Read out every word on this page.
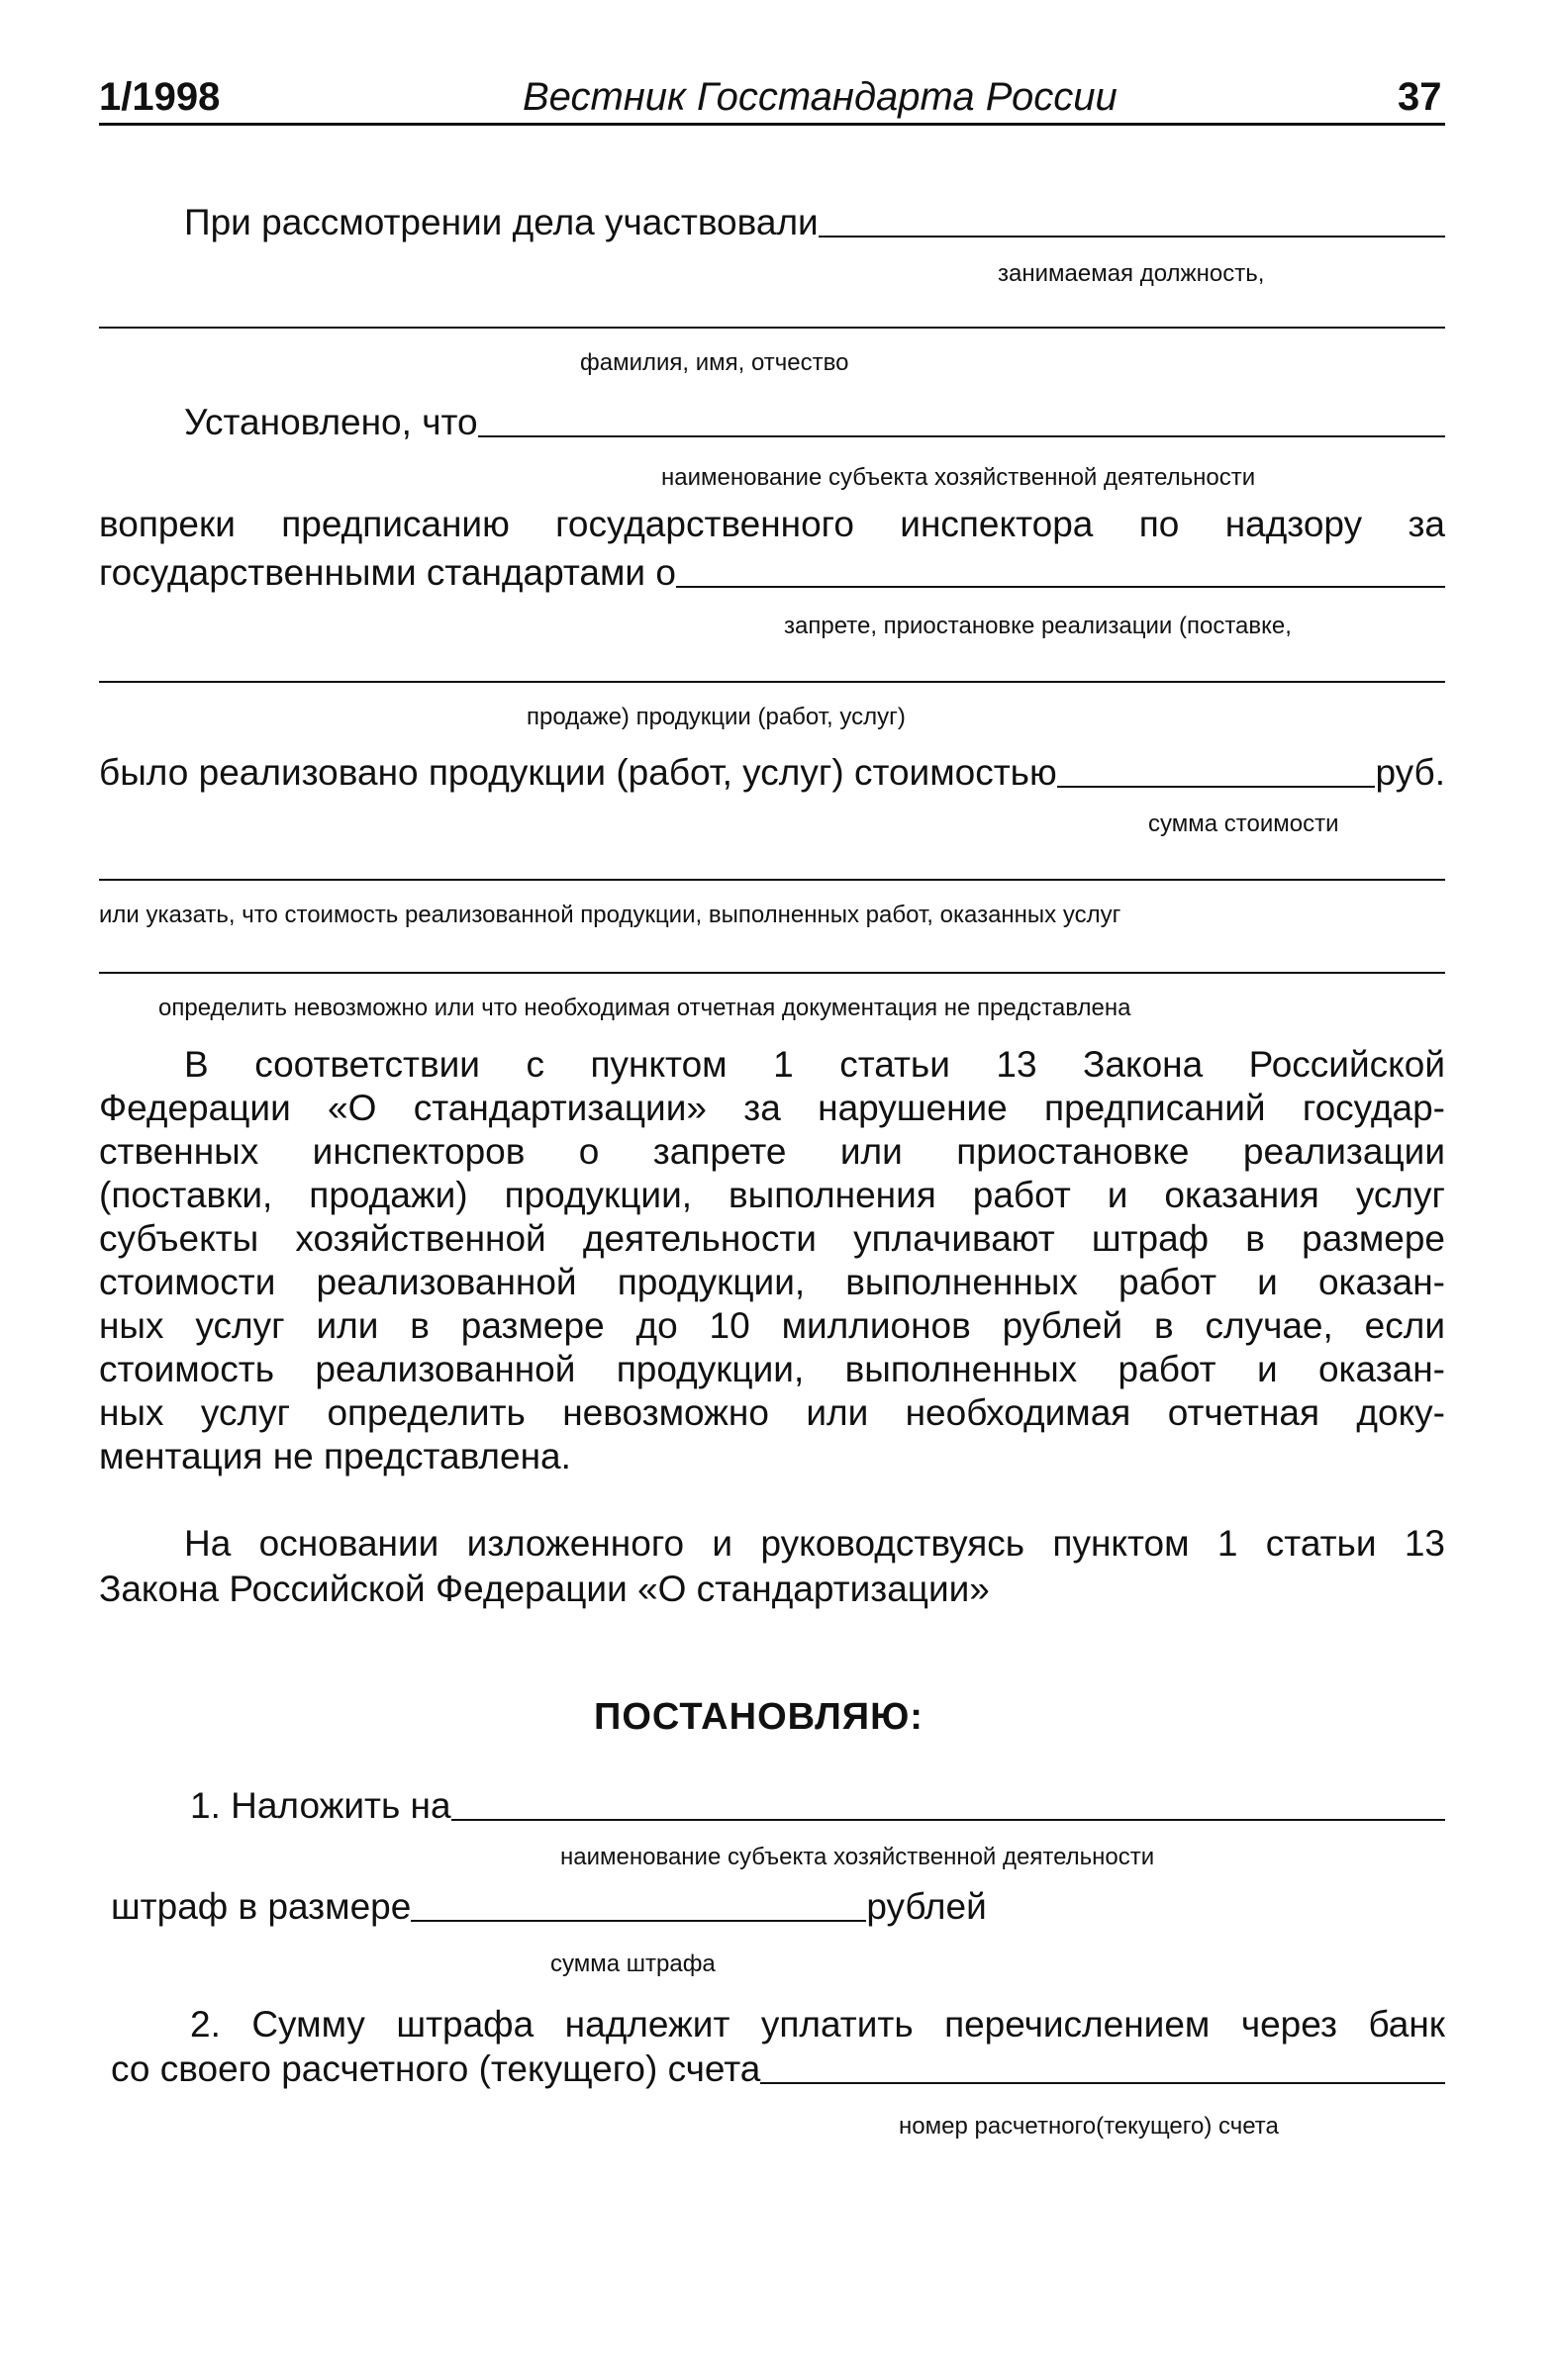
1/1998	Вестник Госстандарта России	37
При рассмотрении дела участвовали
занимаемая должность,
фамилия, имя, отчество
Установлено, что
наименование субъекта хозяйственной деятельности
вопреки предписанию государственного инспектора по надзору за
государственными стандартами о
запрете, приостановке реализации (поставке,
продаже) продукции (работ, услуг)
было реализовано продукции (работ, услуг) стоимостью	руб.
сумма стоимости
или указать, что стоимость реализованной продукции, выполненных работ, оказанных услуг
определить невозможно или что необходимая отчетная документация не представлена
В соответствии с пунктом 1 статьи 13 Закона Российской
Федерации «О стандартизации» за нарушение предписаний государ-
ственных инспекторов о запрете или приостановке реализации
(поставки, продажи) продукции, выполнения работ и оказания услуг
субъекты хозяйственной деятельности уплачивают штраф в размере
стоимости реализованной продукции, выполненных работ и оказан-
ных услуг или в размере до 10 миллионов рублей в случае, если
стоимость реализованной продукции, выполненных работ и оказан-
ных услуг определить невозможно или необходимая отчетная доку-
ментация не представлена.
На основании изложенного и руководствуясь пунктом 1 статьи 13
Закона Российской Федерации «О стандартизации»
ПОСТАНОВЛЯЮ:
1. Наложить на
наименование субъекта хозяйственной деятельности
штраф в размере	рублей
сумма штрафа
2. Сумму штрафа надлежит уплатить перечислением через банк
со своего расчетного (текущего) счета
номер расчетного(текущего) счета
